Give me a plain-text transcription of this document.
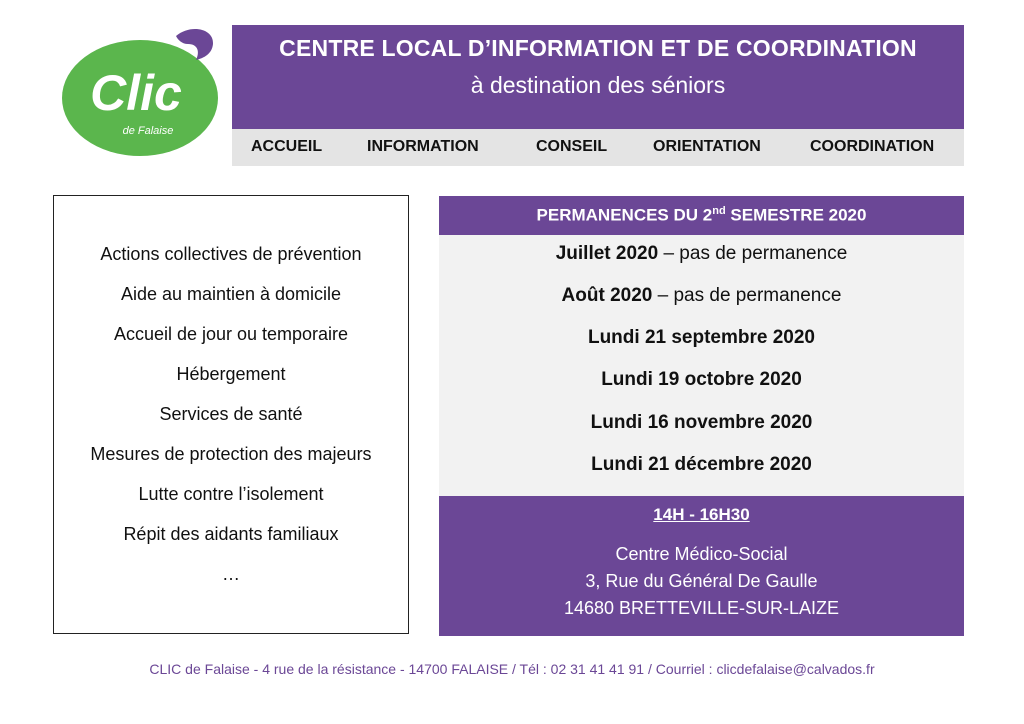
Clic
de Falaise
CENTRE LOCAL D’INFORMATION ET DE COORDINATION
à destination des séniors
ACCUEIL	INFORMATION	CONSEIL	ORIENTATION	COORDINATION
Actions collectives de prévention
Aide au maintien à domicile
Accueil de jour ou temporaire
Hébergement
Services de santé
Mesures de protection des majeurs
Lutte contre l’isolement
Répit des aidants familiaux
…
PERMANENCES DU 2nd SEMESTRE 2020
Juillet 2020 – pas de permanence
Août 2020 – pas de permanence
Lundi 21 septembre 2020
Lundi 19 octobre 2020
Lundi 16 novembre 2020
Lundi 21 décembre 2020
14H - 16H30
Centre Médico-Social
3, Rue du Général De Gaulle
14680 BRETTEVILLE-SUR-LAIZE
CLIC de Falaise - 4 rue de la résistance - 14700 FALAISE / Tél : 02 31 41 41 91 / Courriel : clicdefalaise@calvados.fr
